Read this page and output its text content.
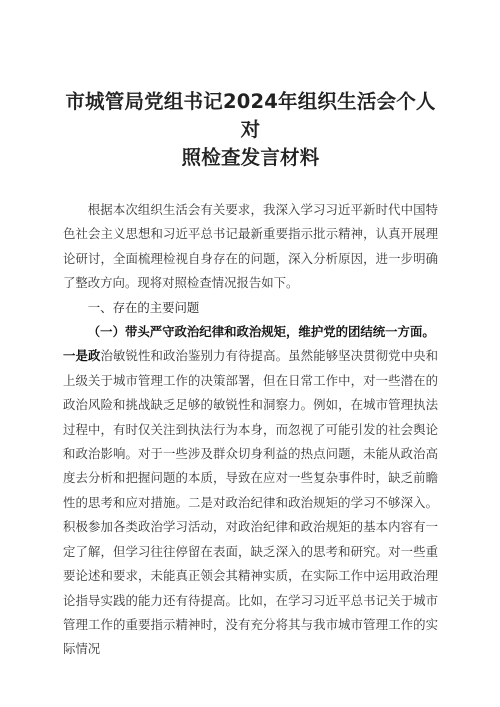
市城管局党组书记2024年组织生活会个人对
照检查发言材料

根据本次组织生活会有关要求，我深入学习习近平新时代中国特色社会主义思想和习近平总书记最新重要指示批示精神，认真开展理论研讨，全面梳理检视自身存在的问题，深入分析原因，进一步明确了整改方向。现将对照检查情况报告如下。

一、存在的主要问题

（一）带头严守政治纪律和政治规矩，维护党的团结统一方面。

一是政治敏锐性和政治鉴别力有待提高。虽然能够坚决贯彻党中央和上级关于城市管理工作的决策部署，但在日常工作中，对一些潜在的政治风险和挑战缺乏足够的敏锐性和洞察力。例如，在城市管理执法过程中，有时仅关注到执法行为本身，而忽视了可能引发的社会舆论和政治影响。对于一些涉及群众切身利益的热点问题，未能从政治高度去分析和把握问题的本质，导致在应对一些复杂事件时，缺乏前瞻性的思考和应对措施。二是对政治纪律和政治规矩的学习不够深入。积极参加各类政治学习活动，对政治纪律和政治规矩的基本内容有一定了解，但学习往往停留在表面，缺乏深入的思考和研究。对一些重要论述和要求，未能真正领会其精神实质，在实际工作中运用政治理论指导实践的能力还有待提高。比如，在学习习近平总书记关于城市管理工作的重要指示精神时，没有充分将其与我市城市管理工作的实际情况
